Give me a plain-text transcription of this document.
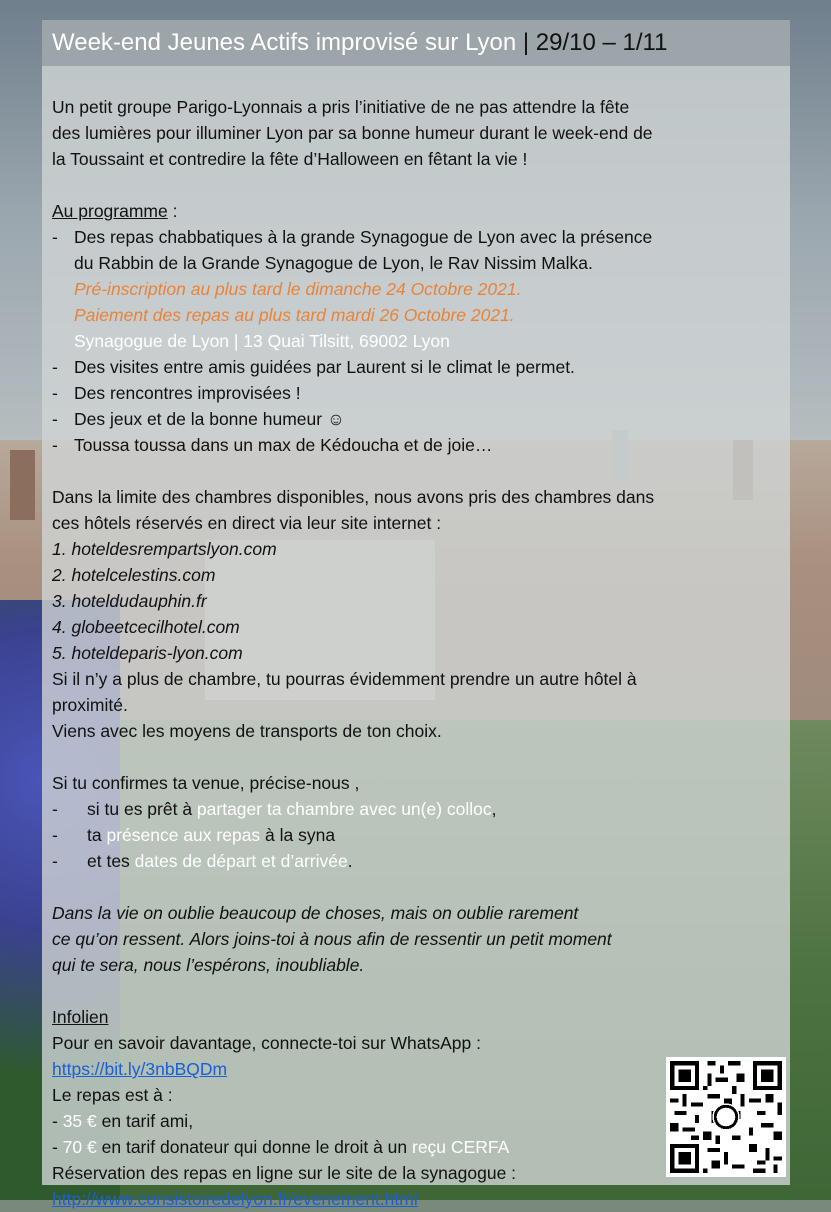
Week-end Jeunes Actifs improvisé sur Lyon | 29/10 – 1/11

Un petit groupe Parigo-Lyonnais a pris l’initiative de ne pas attendre la fête

des lumières pour illuminer Lyon par sa bonne humeur durant le week-end de

la Toussaint et contredire la fête d’Halloween en fêtant la vie !

Au programme :

- Des repas chabbatiques à la grande Synagogue de Lyon avec la présence
du Rabbin de la Grande Synagogue de Lyon, le Rav Nissim Malka.
Pré-inscription au plus tard le dimanche 24 Octobre 2021.
Paiement des repas au plus tard mardi 26 Octobre 2021.
Synagogue de Lyon | 13 Quai Tilsitt, 69002 Lyon
- Des visites entre amis guidées par Laurent si le climat le permet.
- Des rencontres improvisées !
- Des jeux et de la bonne humeur ☺
- Toussa toussa dans un max de Kédoucha et de joie…

Dans la limite des chambres disponibles, nous avons pris des chambres dans

ces hôtels réservés en direct via leur site internet :

1. hoteldesrempartslyon.com
2. hotelcelestins.com
3. hoteldudauphin.fr
4. globeetcecilhotel.com
5. hoteldeparis-lyon.com

Si il n’y a plus de chambre, tu pourras évidemment prendre un autre hôtel à

proximité.

Viens avec les moyens de transports de ton choix.

Si tu confirmes ta venue, précise-nous ,

- si tu es prêt à partager ta chambre avec un(e) colloc,
- ta présence aux repas à la syna
- et tes dates de départ et d’arrivée.

Dans la vie on oublie beaucoup de choses, mais on oublie rarement

ce qu’on ressent. Alors joins-toi à nous afin de ressentir un petit moment

qui te sera, nous l’espérons, inoubliable.

Infolien

Pour en savoir davantage, connecte-toi sur WhatsApp :

https://bit.ly/3nbBQDm

Le repas est à :

- 35 € en tarif ami,

- 70 € en tarif donateur qui donne le droit à un reçu CERFA

Réservation des repas en ligne sur le site de la synagogue :

http://www.consistoiredelyon.fr/evenement.html
